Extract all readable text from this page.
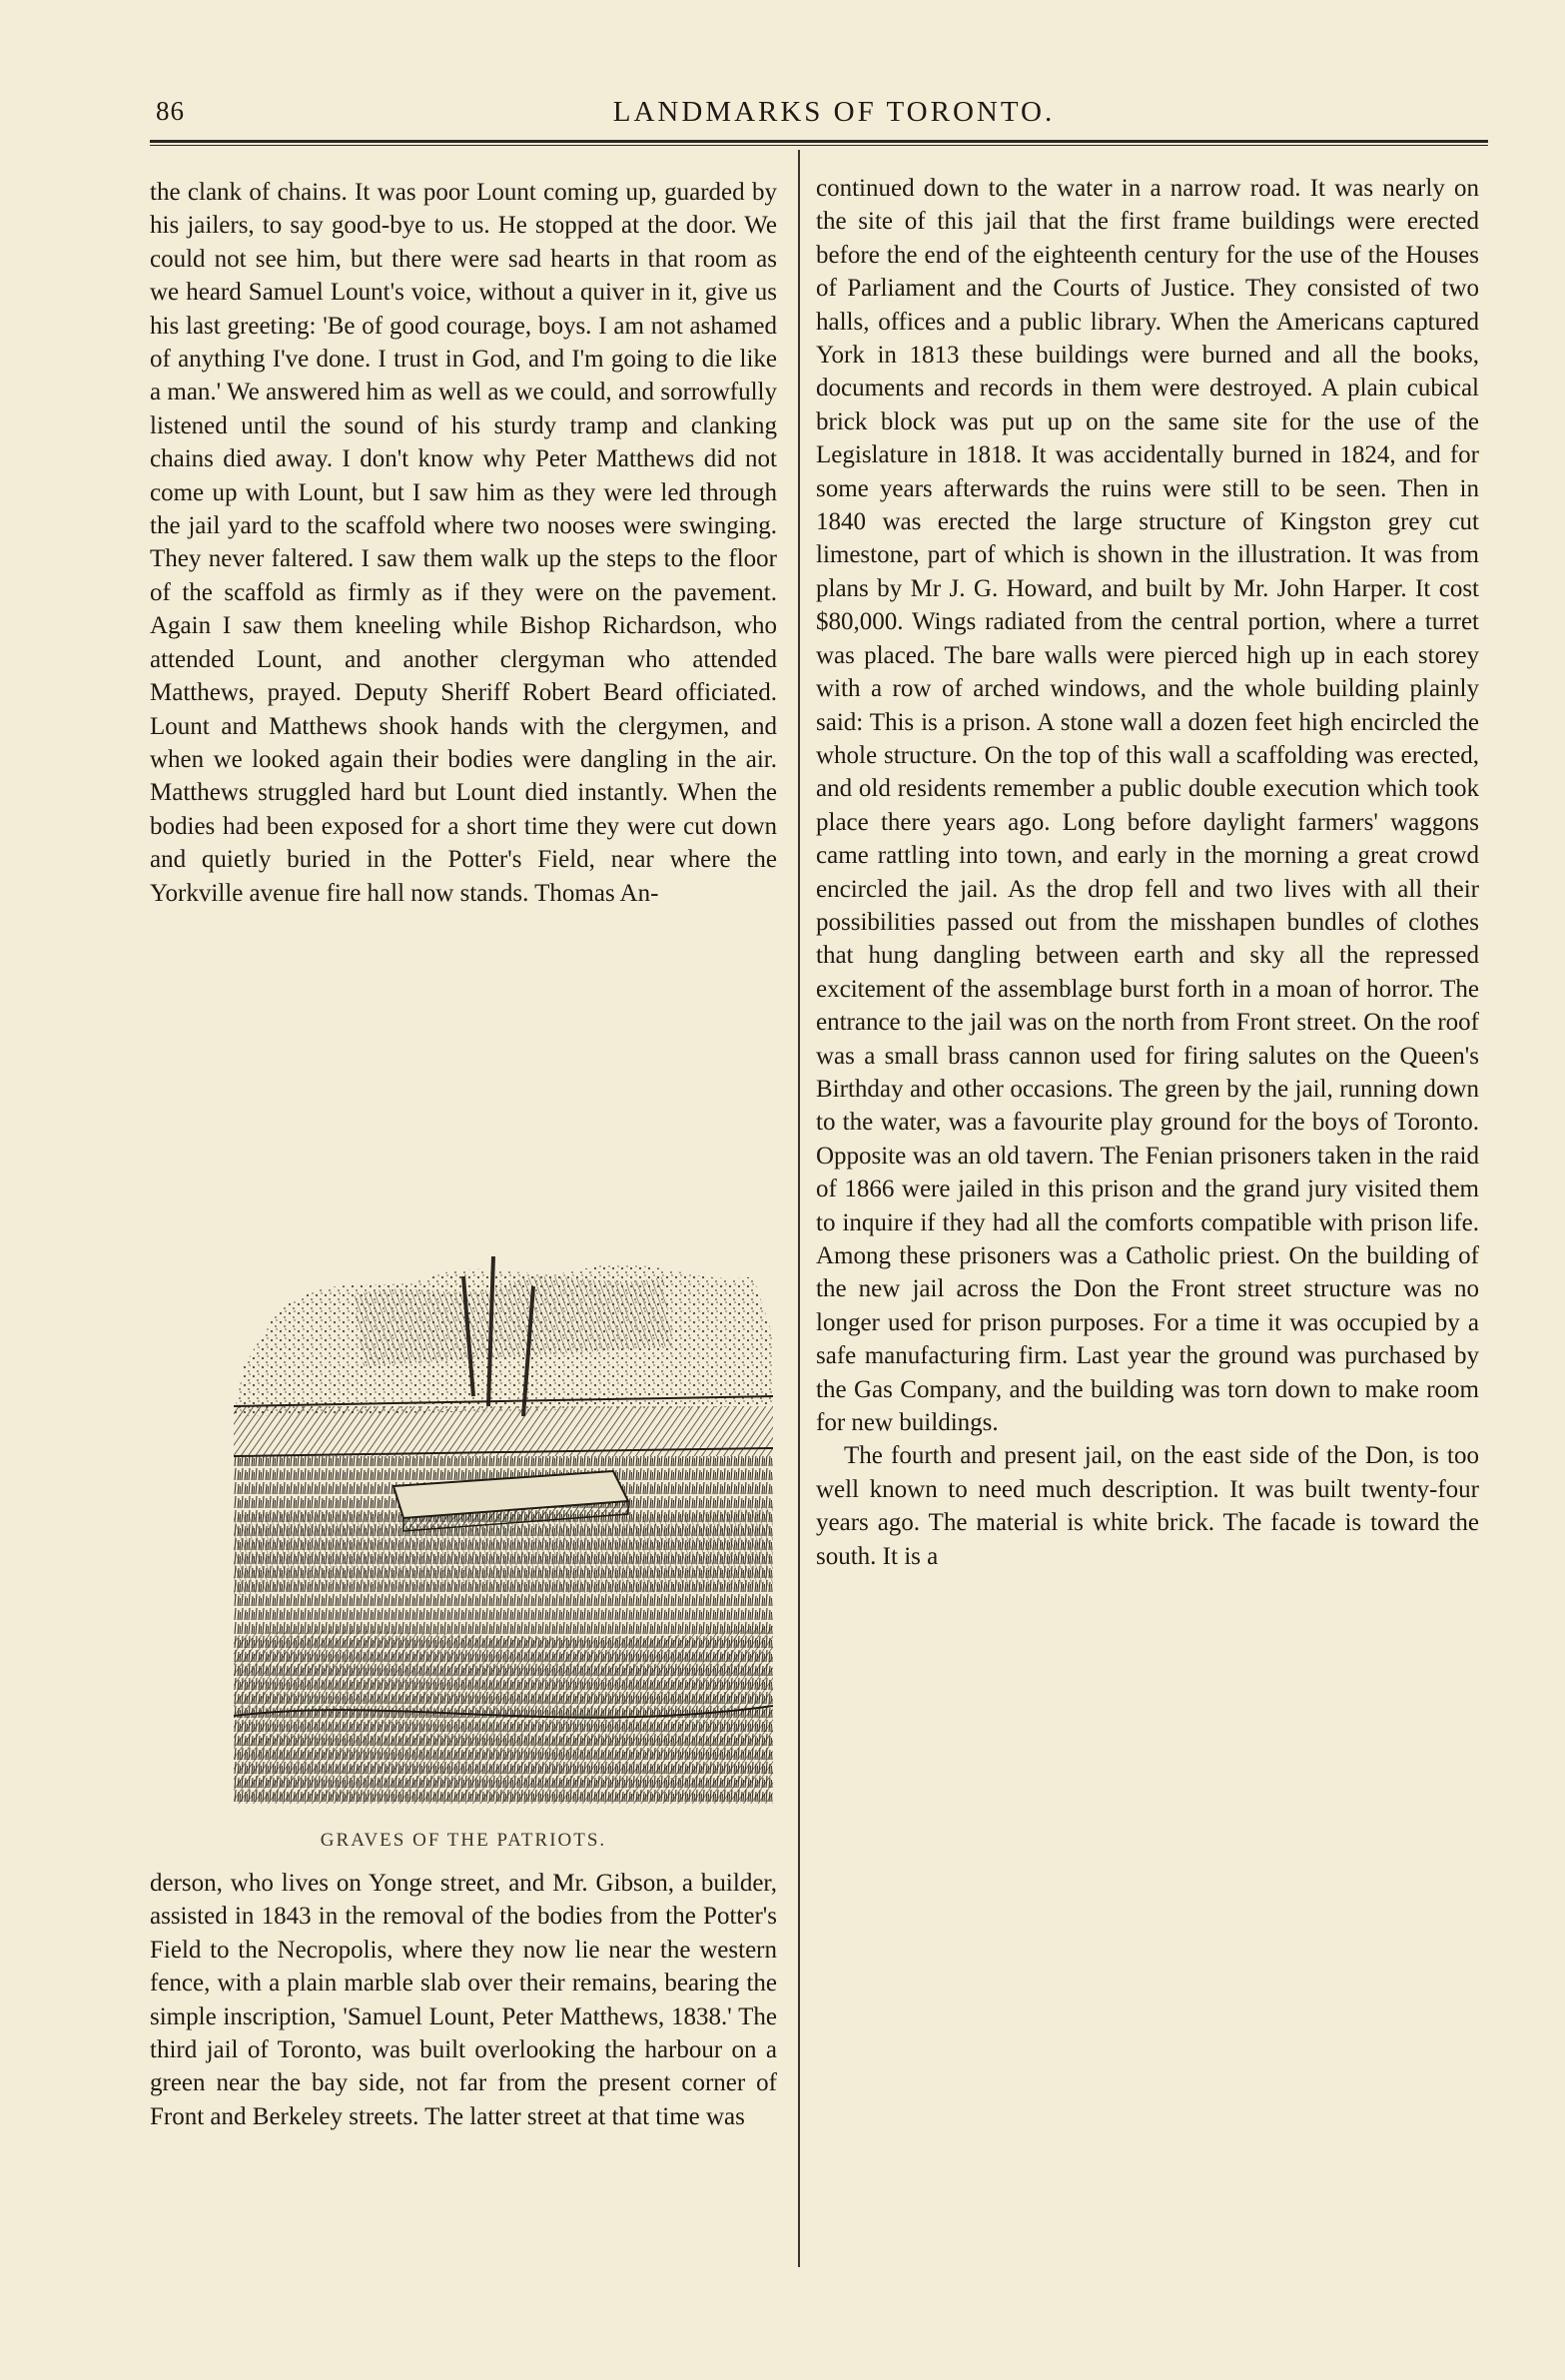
86	LANDMARKS OF TORONTO.

the clank of chains. It was poor Lount coming up, guarded by his jailers, to say good-bye to us. He stopped at the door. We could not see him, but there were sad hearts in that room as we heard Samuel Lount's voice, without a quiver in it, give us his last greeting: 'Be of good courage, boys. I am not ashamed of anything I've done. I trust in God, and I'm going to die like a man.' We answered him as well as we could, and sorrowfully listened until the sound of his sturdy tramp and clanking chains died away. I don't know why Peter Matthews did not come up with Lount, but I saw him as they were led through the jail yard to the scaffold where two nooses were swinging. They never faltered. I saw them walk up the steps to the floor of the scaffold as firmly as if they were on the pavement. Again I saw them kneeling while Bishop Richardson, who attended Lount, and another clergyman who attended Matthews, prayed. Deputy Sheriff Robert Beard officiated. Lount and Matthews shook hands with the clergymen, and when we looked again their bodies were dangling in the air. Matthews struggled hard but Lount died instantly. When the bodies had been exposed for a short time they were cut down and quietly buried in the Potter's Field, near where the Yorkville avenue fire hall now stands. Thomas An-

GRAVES OF THE PATRIOTS.

derson, who lives on Yonge street, and Mr. Gibson, a builder, assisted in 1843 in the removal of the bodies from the Potter's Field to the Necropolis, where they now lie near the western fence, with a plain marble slab over their remains, bearing the simple inscription, 'Samuel Lount, Peter Matthews, 1838.' The third jail of Toronto, was built overlooking the harbour on a green near the bay side, not far from the present corner of Front and Berkeley streets. The latter street at that time was

continued down to the water in a narrow road. It was nearly on the site of this jail that the first frame buildings were erected before the end of the eighteenth century for the use of the Houses of Parliament and the Courts of Justice. They consisted of two halls, offices and a public library. When the Americans captured York in 1813 these buildings were burned and all the books, documents and records in them were destroyed. A plain cubical brick block was put up on the same site for the use of the Legislature in 1818. It was accidentally burned in 1824, and for some years afterwards the ruins were still to be seen. Then in 1840 was erected the large structure of Kingston grey cut limestone, part of which is shown in the illustration. It was from plans by Mr J. G. Howard, and built by Mr. John Harper. It cost $80,000. Wings radiated from the central portion, where a turret was placed. The bare walls were pierced high up in each storey with a row of arched windows, and the whole building plainly said: This is a prison. A stone wall a dozen feet high encircled the whole structure. On the top of this wall a scaffolding was erected, and old residents remember a public double execution which took place there years ago. Long before daylight farmers' waggons came rattling into town, and early in the morning a great crowd encircled the jail. As the drop fell and two lives with all their possibilities passed out from the misshapen bundles of clothes that hung dangling between earth and sky all the repressed excitement of the assemblage burst forth in a moan of horror. The entrance to the jail was on the north from Front street. On the roof was a small brass cannon used for firing salutes on the Queen's Birthday and other occasions. The green by the jail, running down to the water, was a favourite play ground for the boys of Toronto. Opposite was an old tavern. The Fenian prisoners taken in the raid of 1866 were jailed in this prison and the grand jury visited them to inquire if they had all the comforts compatible with prison life. Among these prisoners was a Catholic priest. On the building of the new jail across the Don the Front street structure was no longer used for prison purposes. For a time it was occupied by a safe manufacturing firm. Last year the ground was purchased by the Gas Company, and the building was torn down to make room for new buildings.

The fourth and present jail, on the east side of the Don, is too well known to need much description. It was built twenty-four years ago. The material is white brick. The facade is toward the south. It is a
